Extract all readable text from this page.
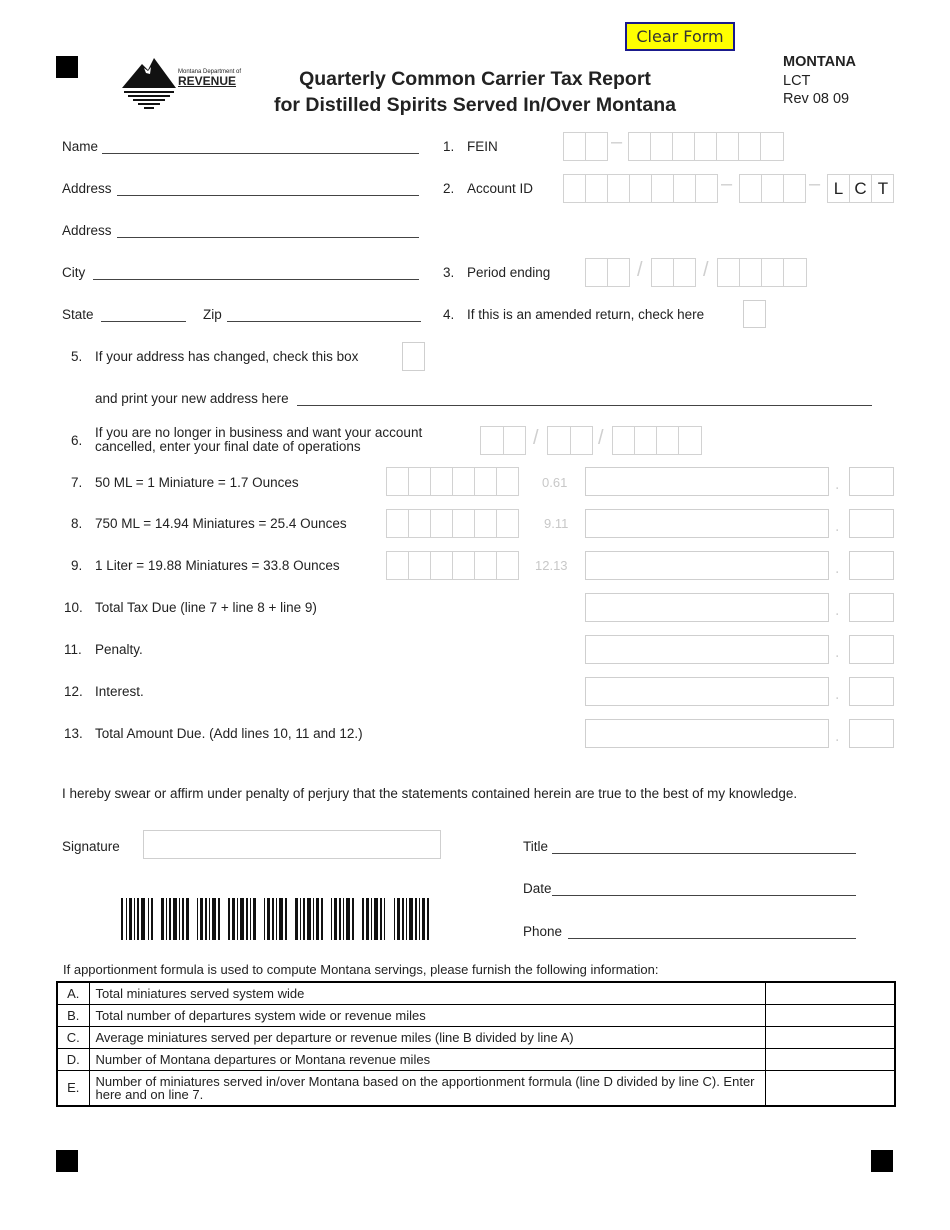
Montana Department of
REVENUE
Clear Form
Quarterly Common Carrier Tax Report
for Distilled Spirits Served In/Over Montana
MONTANA
LCT
Rev 08 09
Name
Address
Address
City
State	Zip
1. FEIN	–
2. Account ID	–	– L C T
3. Period ending	/	/
4. If this is an amended return, check here
5. If your address has changed, check this box
and print your new address here
6.
If you are no longer in business and want your account
cancelled, enter your final date of operations	/	/
7. 50 ML = 1 Miniature = 1.7 Ounces	0.61	.
8. 750 ML = 14.94 Miniatures = 25.4 Ounces	9.11	.
9. 1 Liter = 19.88 Miniatures = 33.8 Ounces	12.13	.
10. Total Tax Due (line 7 + line 8 + line 9)	.
11. Penalty.	.
12. Interest.	.
13. Total Amount Due. (Add lines 10, 11 and 12.)	.
I hereby swear or affirm under penalty of perjury that the statements contained herein are true to the best of my knowledge.
Signature	Title
Date
Phone
If apportionment formula is used to compute Montana servings, please furnish the following information:
A.	Total miniatures served system wide	
B.	Total number of departures system wide or revenue miles	
C.	Average miniatures served per departure or revenue miles (line B divided by line A)	
D.	Number of Montana departures or Montana revenue miles	
E.	Number of miniatures served in/over Montana based on the apportionment formula (line D divided by line C). Enter here and on line 7.	
